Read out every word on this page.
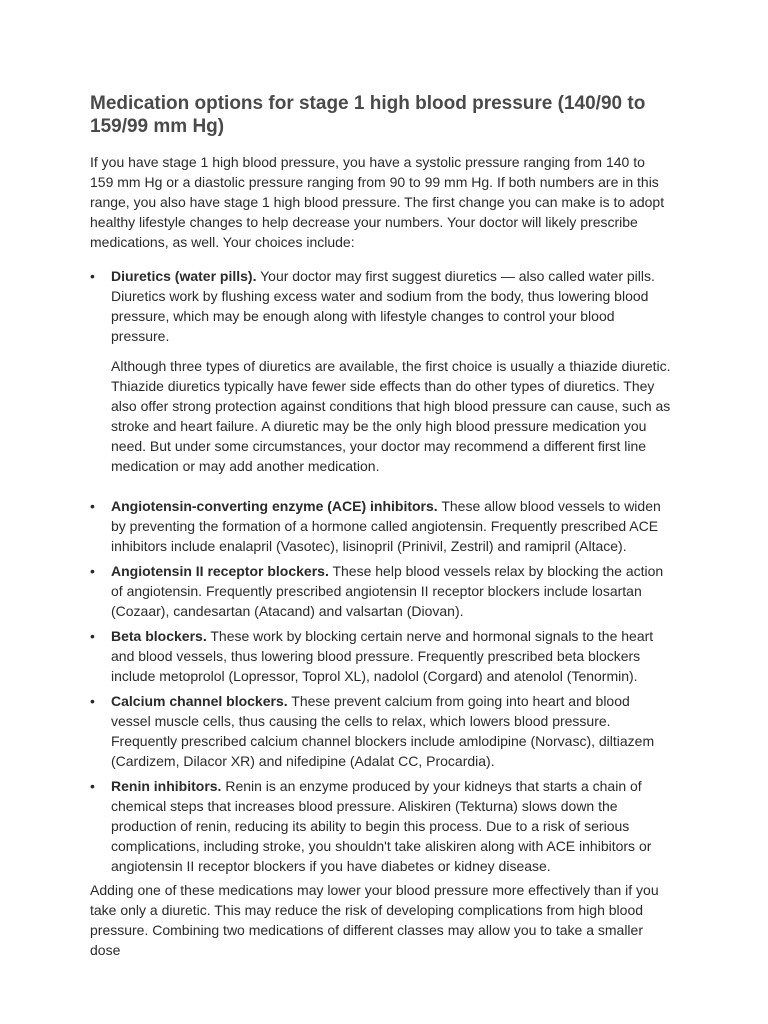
Medication options for stage 1 high blood pressure (140/90 to 159/99 mm Hg)

If you have stage 1 high blood pressure, you have a systolic pressure ranging from 140 to 159 mm Hg or a diastolic pressure ranging from 90 to 99 mm Hg. If both numbers are in this range, you also have stage 1 high blood pressure. The first change you can make is to adopt healthy lifestyle changes to help decrease your numbers. Your doctor will likely prescribe medications, as well. Your choices include:

• Diuretics (water pills). Your doctor may first suggest diuretics — also called water pills. Diuretics work by flushing excess water and sodium from the body, thus lowering blood pressure, which may be enough along with lifestyle changes to control your blood pressure.

Although three types of diuretics are available, the first choice is usually a thiazide diuretic. Thiazide diuretics typically have fewer side effects than do other types of diuretics. They also offer strong protection against conditions that high blood pressure can cause, such as stroke and heart failure. A diuretic may be the only high blood pressure medication you need. But under some circumstances, your doctor may recommend a different first line medication or may add another medication.

• Angiotensin-converting enzyme (ACE) inhibitors. These allow blood vessels to widen by preventing the formation of a hormone called angiotensin. Frequently prescribed ACE inhibitors include enalapril (Vasotec), lisinopril (Prinivil, Zestril) and ramipril (Altace).
• Angiotensin II receptor blockers. These help blood vessels relax by blocking the action of angiotensin. Frequently prescribed angiotensin II receptor blockers include losartan (Cozaar), candesartan (Atacand) and valsartan (Diovan).
• Beta blockers. These work by blocking certain nerve and hormonal signals to the heart and blood vessels, thus lowering blood pressure. Frequently prescribed beta blockers include metoprolol (Lopressor, Toprol XL), nadolol (Corgard) and atenolol (Tenormin).
• Calcium channel blockers. These prevent calcium from going into heart and blood vessel muscle cells, thus causing the cells to relax, which lowers blood pressure. Frequently prescribed calcium channel blockers include amlodipine (Norvasc), diltiazem (Cardizem, Dilacor XR) and nifedipine (Adalat CC, Procardia).
• Renin inhibitors. Renin is an enzyme produced by your kidneys that starts a chain of chemical steps that increases blood pressure. Aliskiren (Tekturna) slows down the production of renin, reducing its ability to begin this process. Due to a risk of serious complications, including stroke, you shouldn't take aliskiren along with ACE inhibitors or angiotensin II receptor blockers if you have diabetes or kidney disease.

Adding one of these medications may lower your blood pressure more effectively than if you take only a diuretic. This may reduce the risk of developing complications from high blood pressure. Combining two medications of different classes may allow you to take a smaller dose
